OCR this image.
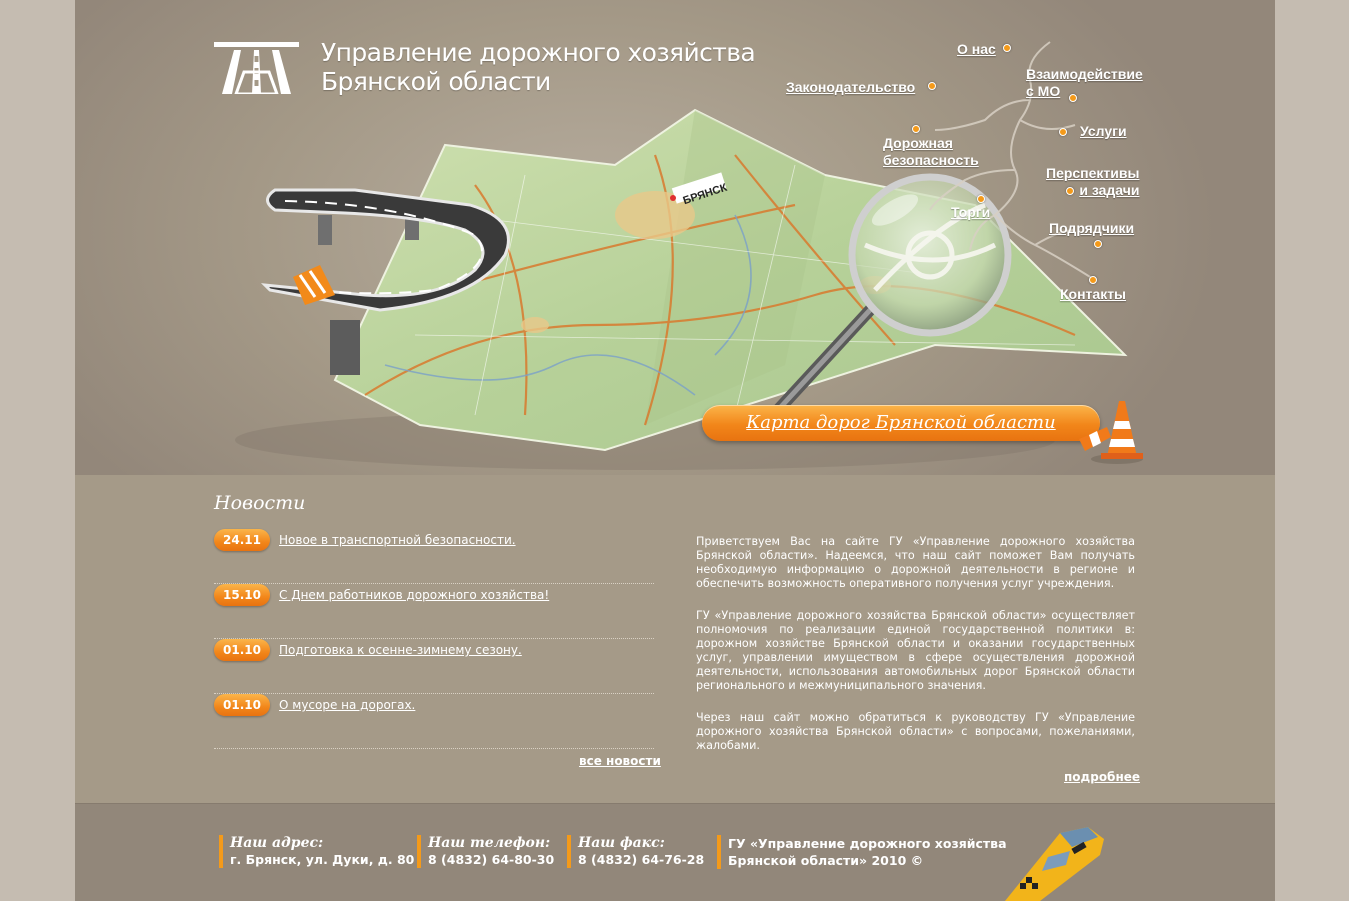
Управление дорожного хозяйства
Брянской области
БРЯНСК
О нас
Законодательство
Взаимодействие
с МО
Услуги
Дорожная
безопасность
Перспективы
и задачи
Торги
Подрядчики
Контакты
Карта дорог Брянской области
Новости
24.11	Новое в транспортной безопасности.
15.10	С Днем работников дорожного хозяйства!
01.10	Подготовка к осенне-зимнему сезону.
01.10	О мусоре на дорогах.
все новости

Приветствуем Вас на сайте ГУ «Управление дорожного хозяйства Брянской области». Надеемся, что наш сайт поможет Вам получать необходимую информацию о дорожной деятельности в регионе и обеспечить возможность оперативного получения услуг учреждения.

ГУ «Управление дорожного хозяйства Брянской области» осуществляет полномочия по реализации единой государственной политики в: дорожном хозяйстве Брянской области и оказании государственных услуг, управлении имуществом в сфере осуществления дорожной деятельности, использования автомобильных дорог Брянской области регионального и межмуниципального значения.

Через наш сайт можно обратиться к руководству ГУ «Управление дорожного хозяйства Брянской области» с вопросами, пожеланиями, жалобами.

подробнее
Наш адрес:
г. Брянск, ул. Дуки, д. 80
Наш телефон:
8 (4832) 64-80-30
Наш факс:
8 (4832) 64-76-28
ГУ «Управление дорожного хозяйства
Брянской области» 2010 ©
